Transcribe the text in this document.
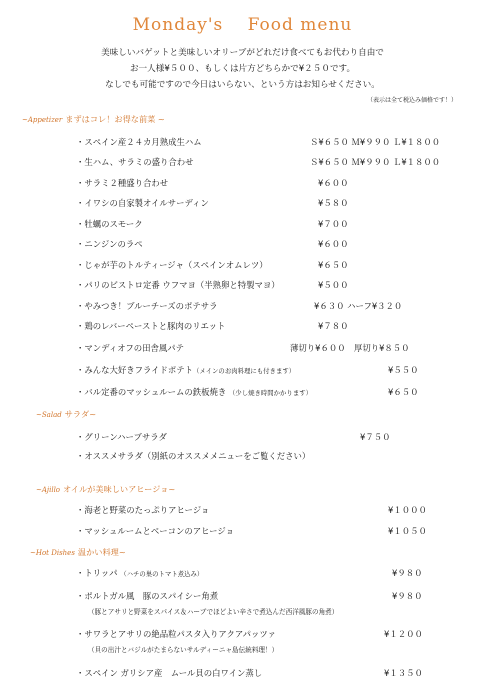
Monday's　 Food menu
美味しいバゲットと美味しいオリーブがどれだけ食べてもお代わり自由で
お一人様¥５００、もしくは片方どちらかで¥２５０です。
なしでも可能ですので今日はいらない、という方はお知らせください。
（表示は全て税込み価格です！）
~Appetizer まずはコレ！お得な前菜 ~
・スペイン産２４カ月熟成生ハム	Ｓ¥６５０ Ｍ¥９９０ Ｌ¥１８００
・生ハム、サラミの盛り合わせ	Ｓ¥６５０ Ｍ¥９９０ Ｌ¥１８００
・サラミ２種盛り合わせ	¥６００
・イワシの自家製オイルサーディン	¥５８０
・牡蠣のスモーク	¥７００
・ニンジンのラペ	¥６００
・じゃが芋のトルティージャ（スペインオムレツ）	¥６５０
・パリのビストロ定番 ウフマヨ（半熟卵と特製マヨ）	¥５００
・やみつき！ブルーチーズのポテサラ	¥６３０ ハーフ¥３２０
・鶏のレバーペーストと豚肉のリエット	¥７８０
・マンディオフの田舎風パテ	薄切り¥６００　厚切り¥８５０
・みんな大好きフライドポテト（メインのお肉料理にも付きます）	¥５５０
・バル定番のマッシュルームの鉄板焼き （少し焼き時間かかります）	¥６５０
~Salad サラダ~
・グリーンハーブサラダ	¥７５０
・オススメサラダ（別紙のオススメメニューをご覧ください）
~Ajillo オイルが美味しいアヒージョ~
・海老と野菜のたっぷりアヒージョ	¥１０００
・マッシュルームとベーコンのアヒージョ	¥１０５０
~Hot Dishes 温かい料理~
・トリッパ （ハチの巣のトマト煮込み）	¥９８０
・ポルトガル風　豚のスパイシー角煮	¥９８０
（豚とアサリと野菜をスパイス＆ハーブでほどよい辛さで煮込んだ西洋風豚の角煮）
・サワラとアサリの絶品粒パスタ入りアクアパッツァ	¥１２００
（貝の出汁とバジルがたまらないサルディーニャ島伝統料理！）
・スペイン ガリシア産　ムール貝の白ワイン蒸し	¥１３５０
